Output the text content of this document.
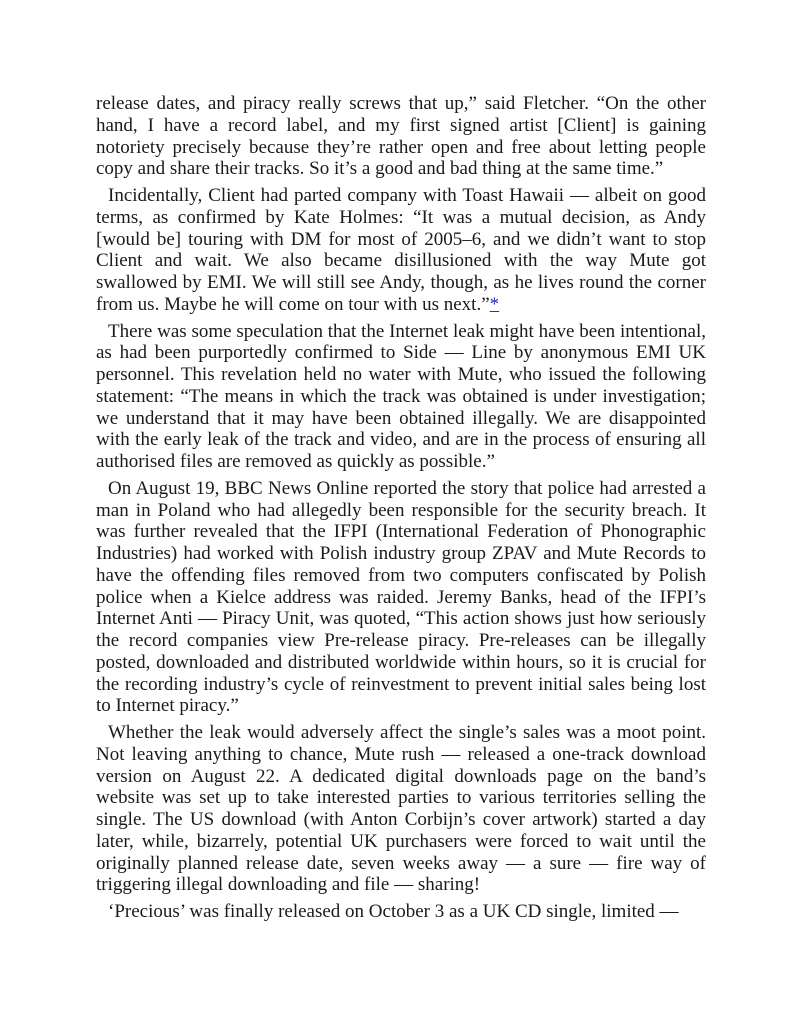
release dates, and piracy really screws that up,” said Fletcher. “On the other hand, I have a record label, and my first signed artist [Client] is gaining notoriety precisely because they’re rather open and free about letting people copy and share their tracks. So it’s a good and bad thing at the same time.”

Incidentally, Client had parted company with Toast Hawaii — albeit on good terms, as confirmed by Kate Holmes: “It was a mutual decision, as Andy [would be] touring with DM for most of 2005–6, and we didn’t want to stop Client and wait. We also became disillusioned with the way Mute got swallowed by EMI. We will still see Andy, though, as he lives round the corner from us. Maybe he will come on tour with us next.”*

There was some speculation that the Internet leak might have been intentional, as had been purportedly confirmed to Side — Line by anonymous EMI UK personnel. This revelation held no water with Mute, who issued the following statement: “The means in which the track was obtained is under investigation; we understand that it may have been obtained illegally. We are disappointed with the early leak of the track and video, and are in the process of ensuring all authorised files are removed as quickly as possible.”

On August 19, BBC News Online reported the story that police had arrested a man in Poland who had allegedly been responsible for the security breach. It was further revealed that the IFPI (International Federation of Phonographic Industries) had worked with Polish industry group ZPAV and Mute Records to have the offending files removed from two computers confiscated by Polish police when a Kielce address was raided. Jeremy Banks, head of the IFPI’s Internet Anti — Piracy Unit, was quoted, “This action shows just how seriously the record companies view Pre-release piracy. Pre-releases can be illegally posted, downloaded and distributed worldwide within hours, so it is crucial for the recording industry’s cycle of reinvestment to prevent initial sales being lost to Internet piracy.”

Whether the leak would adversely affect the single’s sales was a moot point. Not leaving anything to chance, Mute rush — released a one-track download version on August 22. A dedicated digital downloads page on the band’s website was set up to take interested parties to various territories selling the single. The US download (with Anton Corbijn’s cover artwork) started a day later, while, bizarrely, potential UK purchasers were forced to wait until the originally planned release date, seven weeks away — a sure — fire way of triggering illegal downloading and file — sharing!

‘Precious’ was finally released on October 3 as a UK CD single, limited —
